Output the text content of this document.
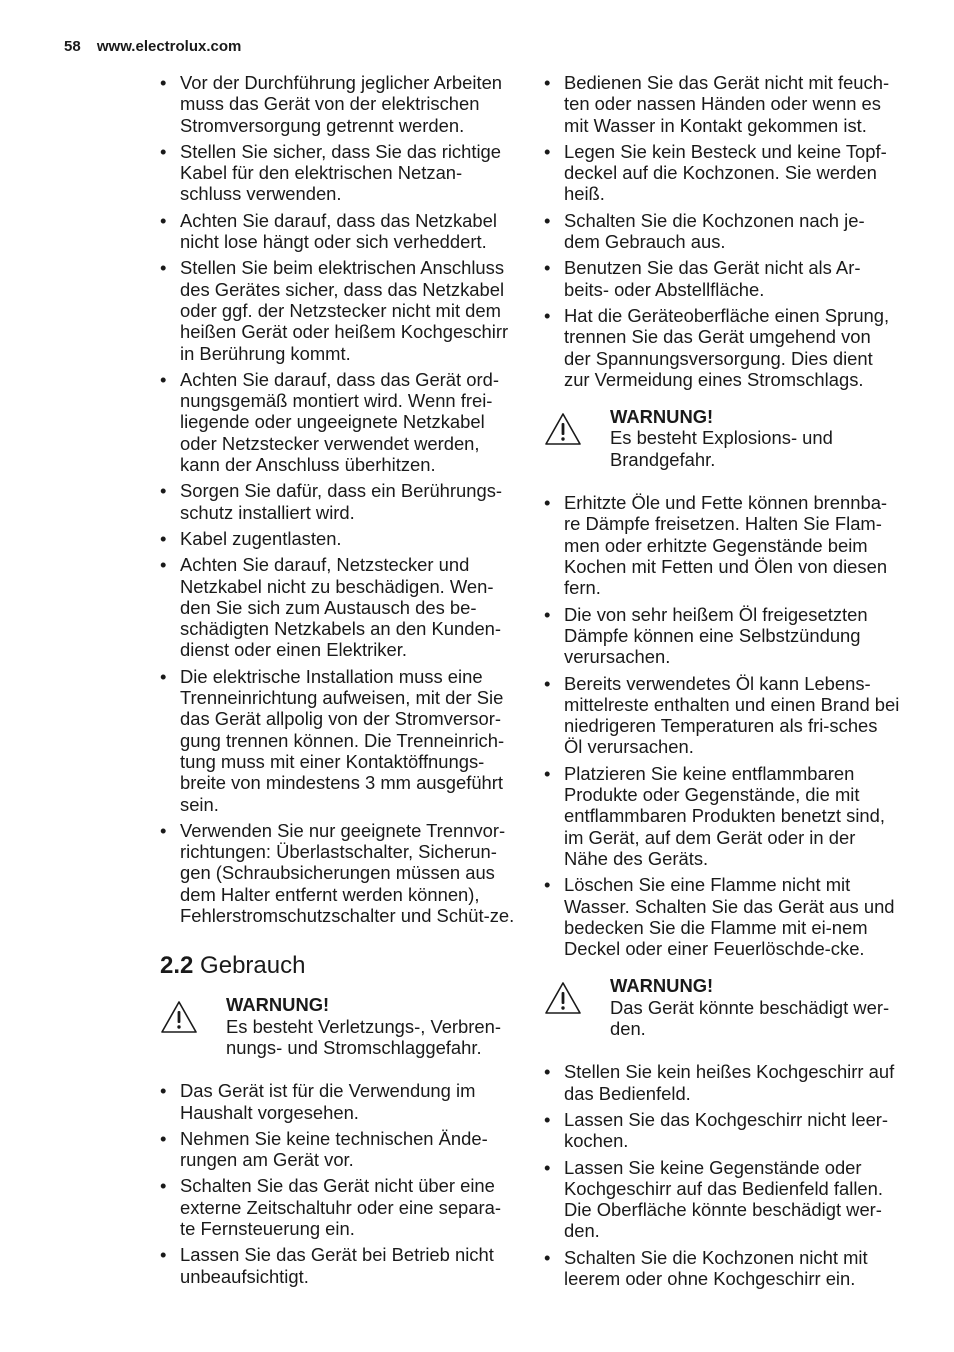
58 www.electrolux.com
• Vor der Durchführung jeglicher Arbeiten muss das Gerät von der elektrischen Stromversorgung getrennt werden.
• Stellen Sie sicher, dass Sie das richtige Kabel für den elektrischen Netzan-schluss verwenden.
• Achten Sie darauf, dass das Netzkabel nicht lose hängt oder sich verheddert.
• Stellen Sie beim elektrischen Anschluss des Gerätes sicher, dass das Netzkabel oder ggf. der Netzstecker nicht mit dem heißen Gerät oder heißem Kochgeschirr in Berührung kommt.
• Achten Sie darauf, dass das Gerät ord-nungsgemäß montiert wird. Wenn frei-liegende oder ungeeignete Netzkabel oder Netzstecker verwendet werden, kann der Anschluss überhitzen.
• Sorgen Sie dafür, dass ein Berührungs-schutz installiert wird.
• Kabel zugentlasten.
• Achten Sie darauf, Netzstecker und Netzkabel nicht zu beschädigen. Wen-den Sie sich zum Austausch des be-schädigten Netzkabels an den Kunden-dienst oder einen Elektriker.
• Die elektrische Installation muss eine Trenneinrichtung aufweisen, mit der Sie das Gerät allpolig von der Stromversor-gung trennen können. Die Trenneinrich-tung muss mit einer Kontaktöffnungs-breite von mindestens 3 mm ausgeführt sein.
• Verwenden Sie nur geeignete Trennvor-richtungen: Überlastschalter, Sicherun-gen (Schraubsicherungen müssen aus dem Halter entfernt werden können), Fehlerstromschutzschalter und Schüt-ze.
2.2 Gebrauch
WARNUNG!
Es besteht Verletzungs-, Verbren-nungs- und Stromschlaggefahr.
• Das Gerät ist für die Verwendung im Haushalt vorgesehen.
• Nehmen Sie keine technischen Ände-rungen am Gerät vor.
• Schalten Sie das Gerät nicht über eine externe Zeitschaltuhr oder eine separa-te Fernsteuerung ein.
• Lassen Sie das Gerät bei Betrieb nicht unbeaufsichtigt.
• Bedienen Sie das Gerät nicht mit feuch-ten oder nassen Händen oder wenn es mit Wasser in Kontakt gekommen ist.
• Legen Sie kein Besteck und keine Topf-deckel auf die Kochzonen. Sie werden heiß.
• Schalten Sie die Kochzonen nach je-dem Gebrauch aus.
• Benutzen Sie das Gerät nicht als Ar-beits- oder Abstellfläche.
• Hat die Geräteoberfläche einen Sprung, trennen Sie das Gerät umgehend von der Spannungsversorgung. Dies dient zur Vermeidung eines Stromschlags.
WARNUNG!
Es besteht Explosions- und Brandgefahr.
• Erhitzte Öle und Fette können brennba-re Dämpfe freisetzen. Halten Sie Flam-men oder erhitzte Gegenstände beim Kochen mit Fetten und Ölen von diesen fern.
• Die von sehr heißem Öl freigesetzten Dämpfe können eine Selbstzündung verursachen.
• Bereits verwendetes Öl kann Lebens-mittelreste enthalten und einen Brand bei niedrigeren Temperaturen als fri-sches Öl verursachen.
• Platzieren Sie keine entflammbaren Produkte oder Gegenstände, die mit entflammbaren Produkten benetzt sind, im Gerät, auf dem Gerät oder in der Nähe des Geräts.
• Löschen Sie eine Flamme nicht mit Wasser. Schalten Sie das Gerät aus und bedecken Sie die Flamme mit ei-nem Deckel oder einer Feuerlöschde-cke.
WARNUNG!
Das Gerät könnte beschädigt wer-den.
• Stellen Sie kein heißes Kochgeschirr auf das Bedienfeld.
• Lassen Sie das Kochgeschirr nicht leer-kochen.
• Lassen Sie keine Gegenstände oder Kochgeschirr auf das Bedienfeld fallen. Die Oberfläche könnte beschädigt wer-den.
• Schalten Sie die Kochzonen nicht mit leerem oder ohne Kochgeschirr ein.
